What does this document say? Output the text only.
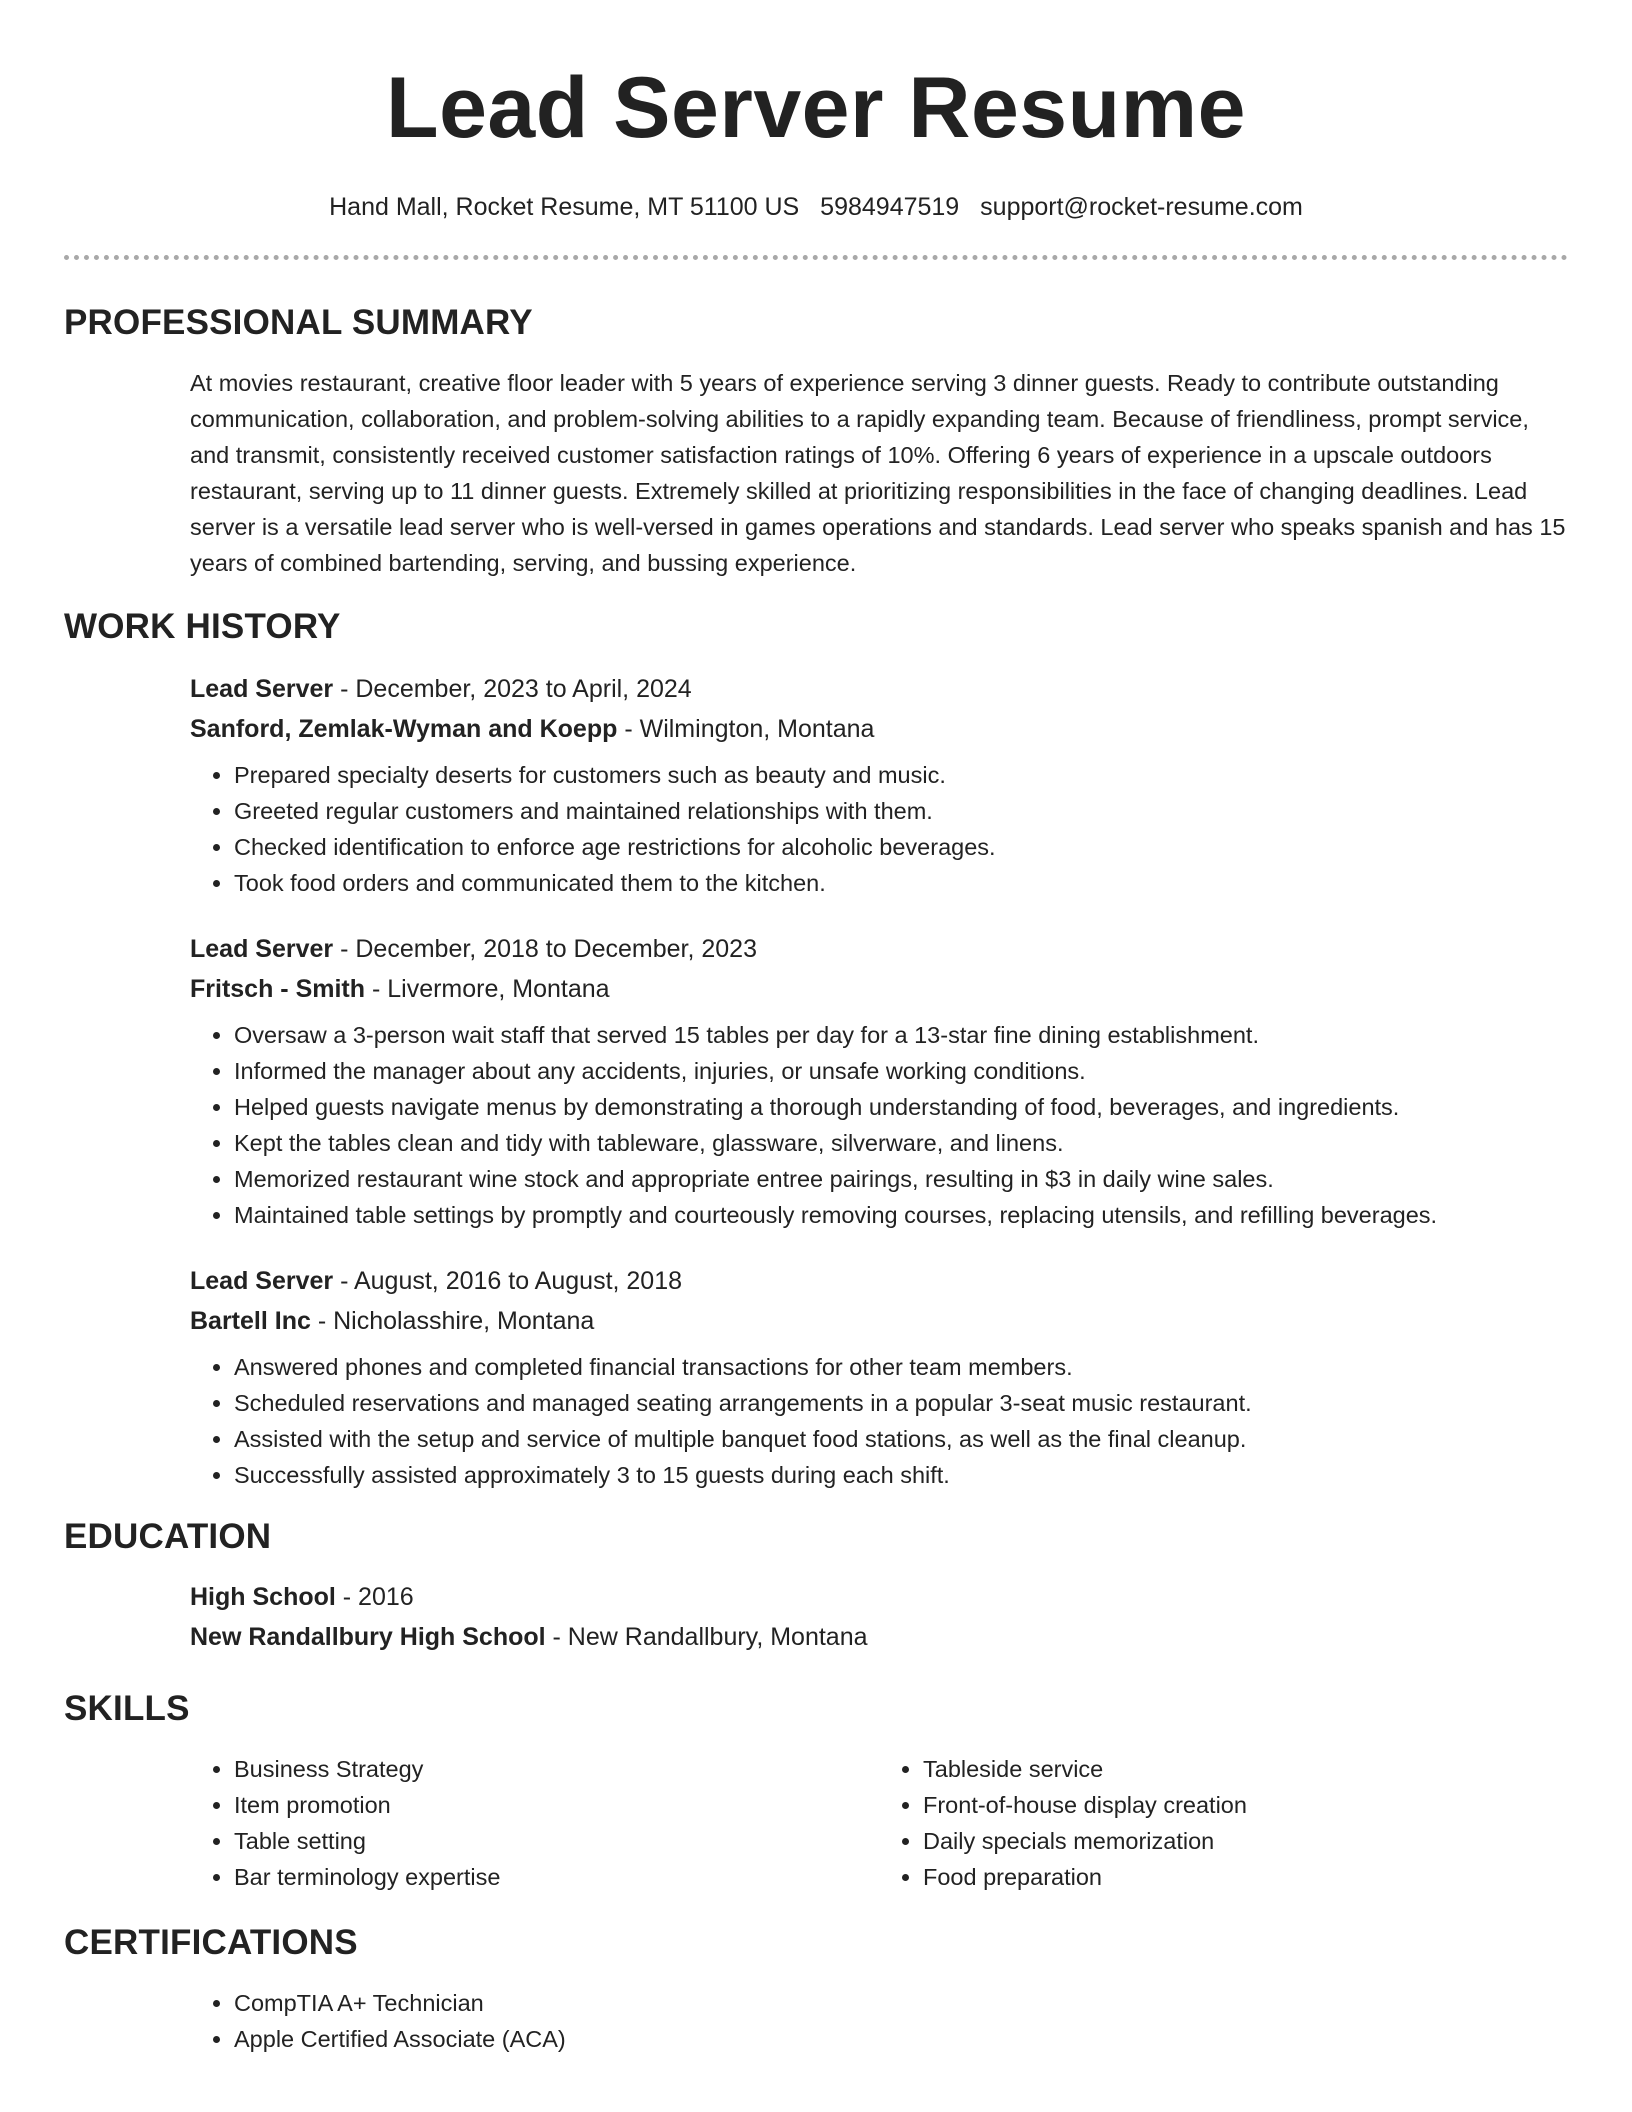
Lead Server Resume
Hand Mall, Rocket Resume, MT 51100 US 5984947519 support@rocket-resume.com
PROFESSIONAL SUMMARY

At movies restaurant, creative floor leader with 5 years of experience serving 3 dinner guests. Ready to contribute outstanding communication, collaboration, and problem-solving abilities to a rapidly expanding team. Because of friendliness, prompt service, and transmit, consistently received customer satisfaction ratings of 10%. Offering 6 years of experience in a upscale outdoors restaurant, serving up to 11 dinner guests. Extremely skilled at prioritizing responsibilities in the face of changing deadlines. Lead server is a versatile lead server who is well-versed in games operations and standards. Lead server who speaks spanish and has 15 years of combined bartending, serving, and bussing experience.

WORK HISTORY
Lead Server - December, 2023 to April, 2024
Sanford, Zemlak-Wyman and Koepp - Wilmington, Montana
• Prepared specialty deserts for customers such as beauty and music.
• Greeted regular customers and maintained relationships with them.
• Checked identification to enforce age restrictions for alcoholic beverages.
• Took food orders and communicated them to the kitchen.
Lead Server - December, 2018 to December, 2023
Fritsch - Smith - Livermore, Montana
• Oversaw a 3-person wait staff that served 15 tables per day for a 13-star fine dining establishment.
• Informed the manager about any accidents, injuries, or unsafe working conditions.
• Helped guests navigate menus by demonstrating a thorough understanding of food, beverages, and ingredients.
• Kept the tables clean and tidy with tableware, glassware, silverware, and linens.
• Memorized restaurant wine stock and appropriate entree pairings, resulting in $3 in daily wine sales.
• Maintained table settings by promptly and courteously removing courses, replacing utensils, and refilling beverages.
Lead Server - August, 2016 to August, 2018
Bartell Inc - Nicholasshire, Montana
• Answered phones and completed financial transactions for other team members.
• Scheduled reservations and managed seating arrangements in a popular 3-seat music restaurant.
• Assisted with the setup and service of multiple banquet food stations, as well as the final cleanup.
• Successfully assisted approximately 3 to 15 guests during each shift.
EDUCATION
High School - 2016
New Randallbury High School - New Randallbury, Montana
SKILLS
• Business Strategy
• Item promotion
• Table setting
• Bar terminology expertise
• Tableside service
• Front-of-house display creation
• Daily specials memorization
• Food preparation
CERTIFICATIONS
• CompTIA A+ Technician
• Apple Certified Associate (ACA)
